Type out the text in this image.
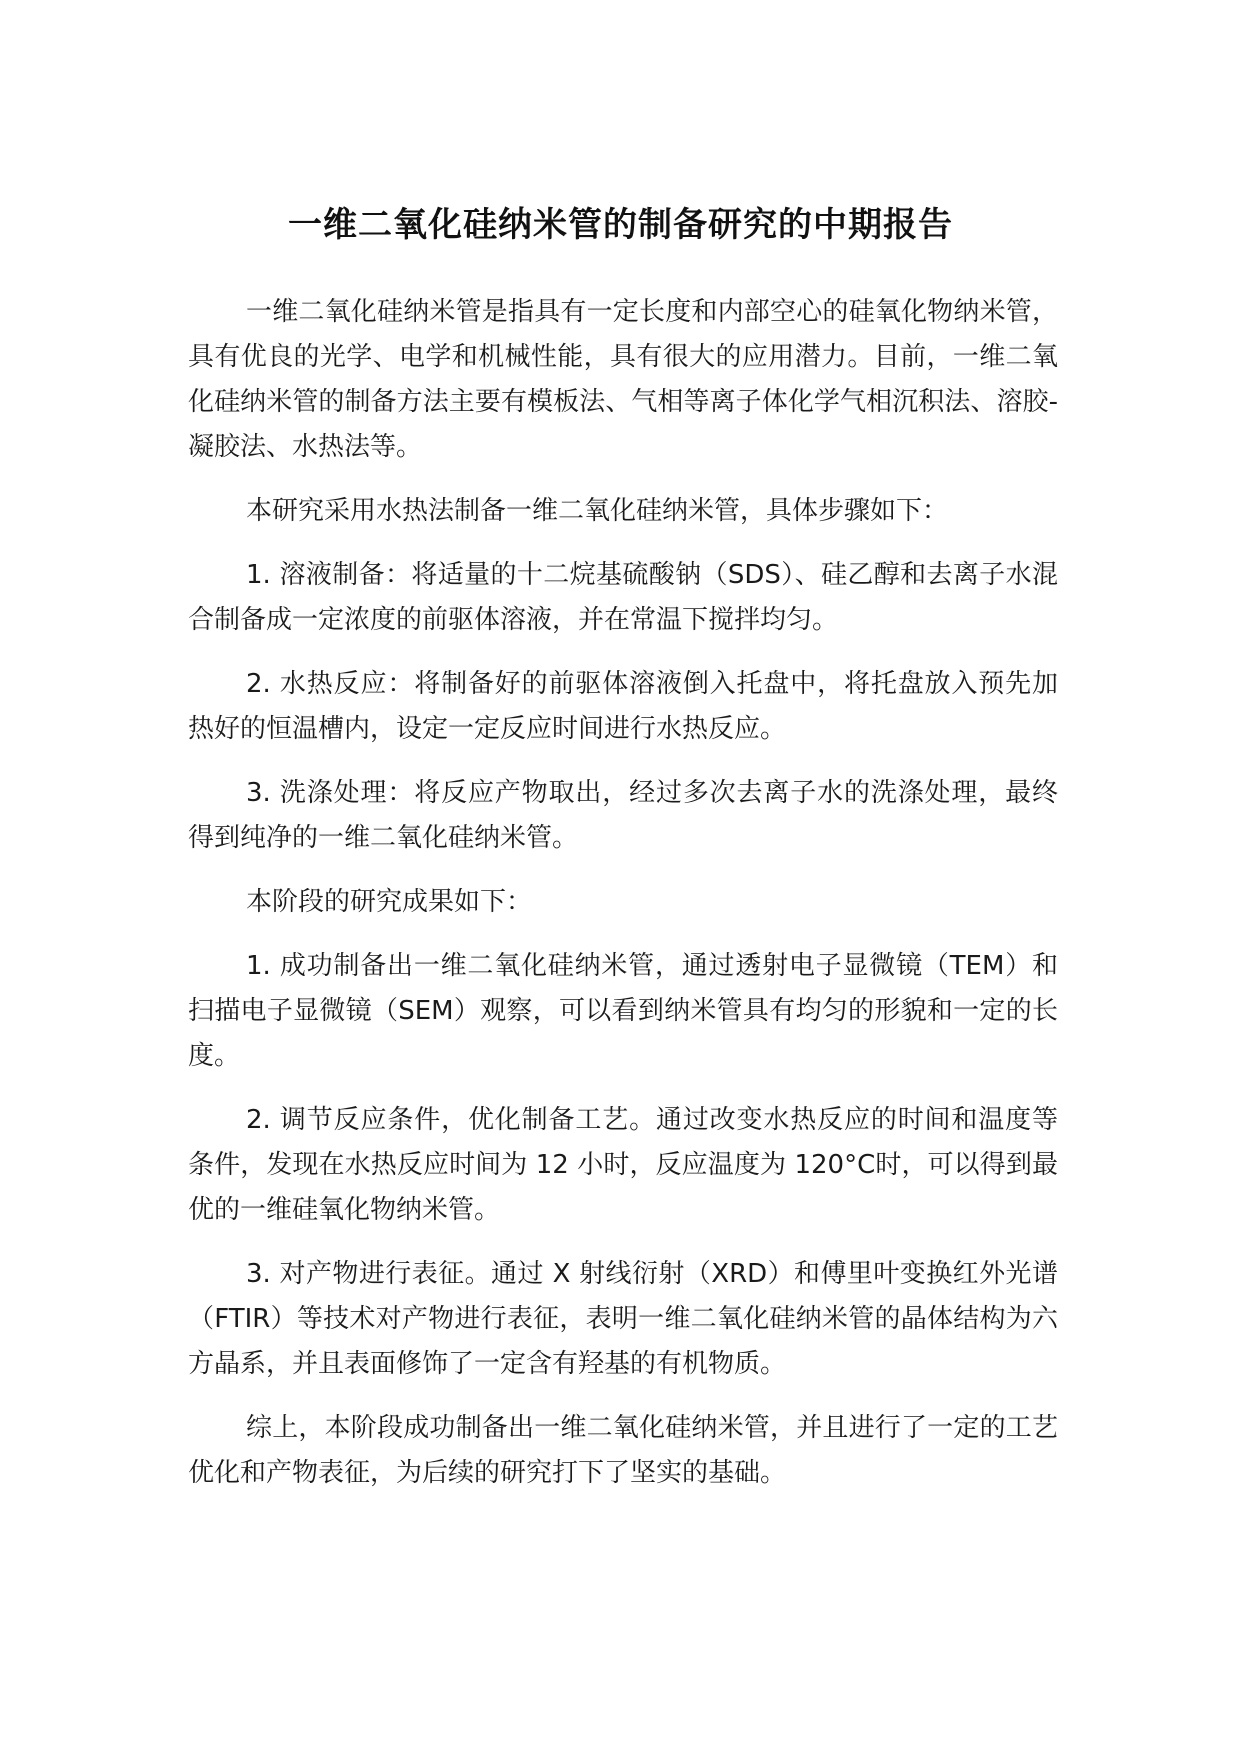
一维二氧化硅纳米管的制备研究的中期报告

一维二氧化硅纳米管是指具有一定长度和内部空心的硅氧化物纳米管，具有优良的光学、电学和机械性能，具有很大的应用潜力。目前，一维二氧化硅纳米管的制备方法主要有模板法、气相等离子体化学气相沉积法、溶胶-凝胶法、水热法等。

本研究采用水热法制备一维二氧化硅纳米管，具体步骤如下：

1. 溶液制备：将适量的十二烷基硫酸钠（SDS）、硅乙醇和去离子水混合制备成一定浓度的前驱体溶液，并在常温下搅拌均匀。

2. 水热反应：将制备好的前驱体溶液倒入托盘中，将托盘放入预先加热好的恒温槽内，设定一定反应时间进行水热反应。

3. 洗涤处理：将反应产物取出，经过多次去离子水的洗涤处理，最终得到纯净的一维二氧化硅纳米管。

本阶段的研究成果如下：

1. 成功制备出一维二氧化硅纳米管，通过透射电子显微镜（TEM）和扫描电子显微镜（SEM）观察，可以看到纳米管具有均匀的形貌和一定的长度。

2. 调节反应条件，优化制备工艺。通过改变水热反应的时间和温度等条件，发现在水热反应时间为 12 小时，反应温度为 120°C时，可以得到最优的一维硅氧化物纳米管。

3. 对产物进行表征。通过 X 射线衍射（XRD）和傅里叶变换红外光谱（FTIR）等技术对产物进行表征，表明一维二氧化硅纳米管的晶体结构为六方晶系，并且表面修饰了一定含有羟基的有机物质。

综上，本阶段成功制备出一维二氧化硅纳米管，并且进行了一定的工艺优化和产物表征，为后续的研究打下了坚实的基础。
